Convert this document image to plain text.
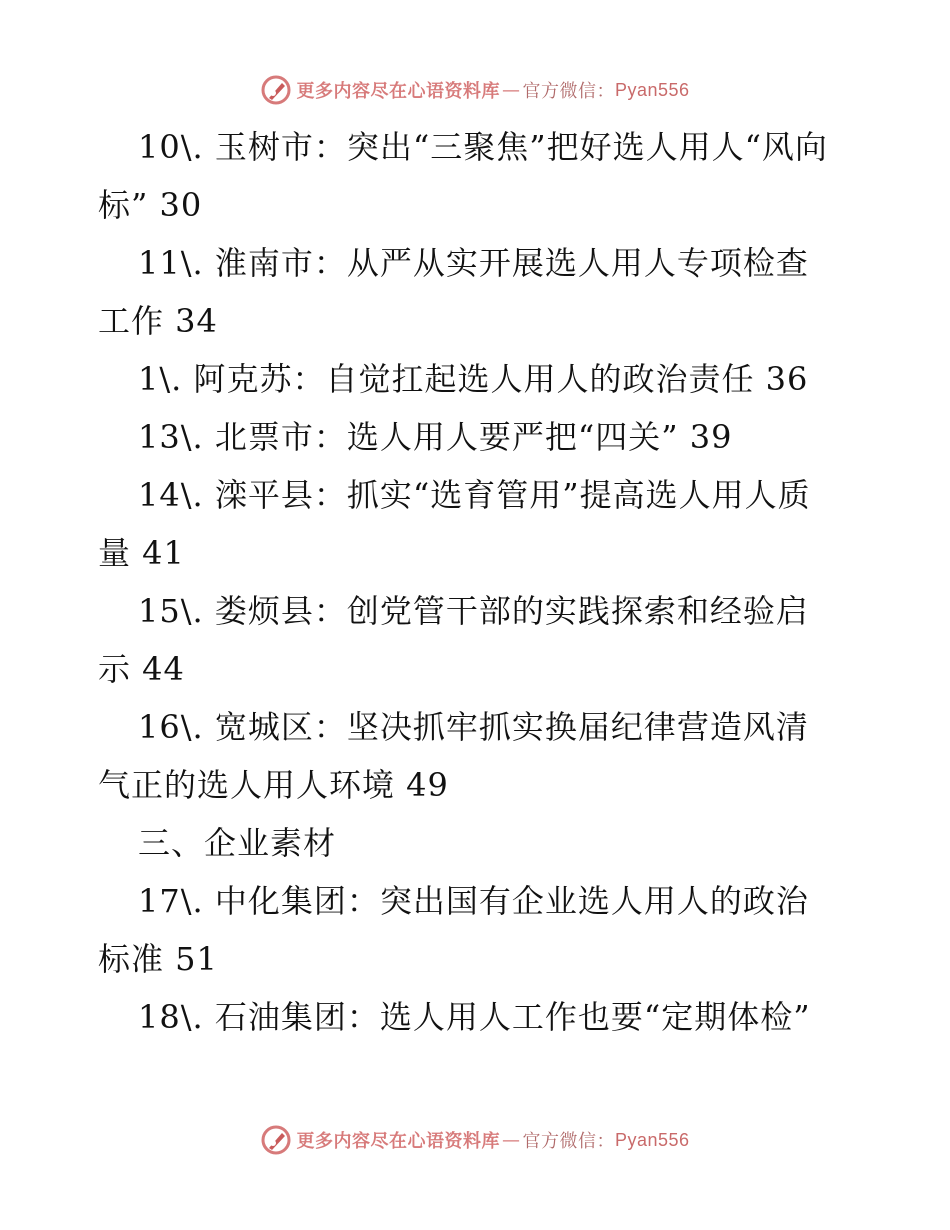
更多内容尽在心语资料库 — 官方微信： Pyan556

10\. 玉树市：突出“三聚焦”把好选人用人“风向标” 30

11\. 淮南市：从严从实开展选人用人专项检查工作 34

1\. 阿克苏：自觉扛起选人用人的政治责任 36

13\. 北票市：选人用人要严把“四关” 39

14\. 滦平县：抓实“选育管用”提高选人用人质量 41

15\. 娄烦县：创党管干部的实践探索和经验启示 44

16\. 宽城区：坚决抓牢抓实换届纪律营造风清气正的选人用人环境 49

三、企业素材

17\. 中化集团：突出国有企业选人用人的政治标准 51

18\. 石油集团：选人用人工作也要“定期体检”

更多内容尽在心语资料库 — 官方微信： Pyan556
